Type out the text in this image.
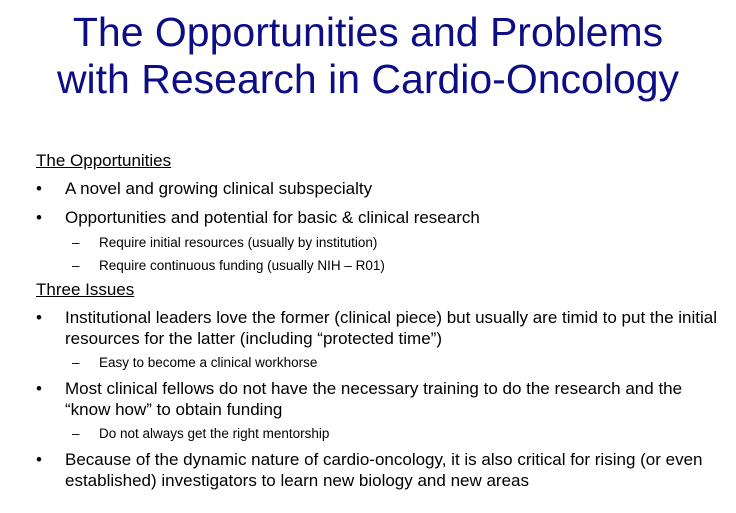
The Opportunities and Problems
with Research in Cardio-Oncology
The Opportunities
•	A novel and growing clinical subspecialty
•	Opportunities and potential for basic & clinical research
– Require initial resources (usually by institution)
– Require continuous funding (usually NIH – R01)
Three Issues
•	Institutional leaders love the former (clinical piece) but usually are timid to put the initial resources for the latter (including “protected time”)
– Easy to become a clinical workhorse
•	Most clinical fellows do not have the necessary training to do the research and the “know how” to obtain funding
– Do not always get the right mentorship
•	Because of the dynamic nature of cardio-oncology, it is also critical for rising (or even established) investigators to learn new biology and new areas
